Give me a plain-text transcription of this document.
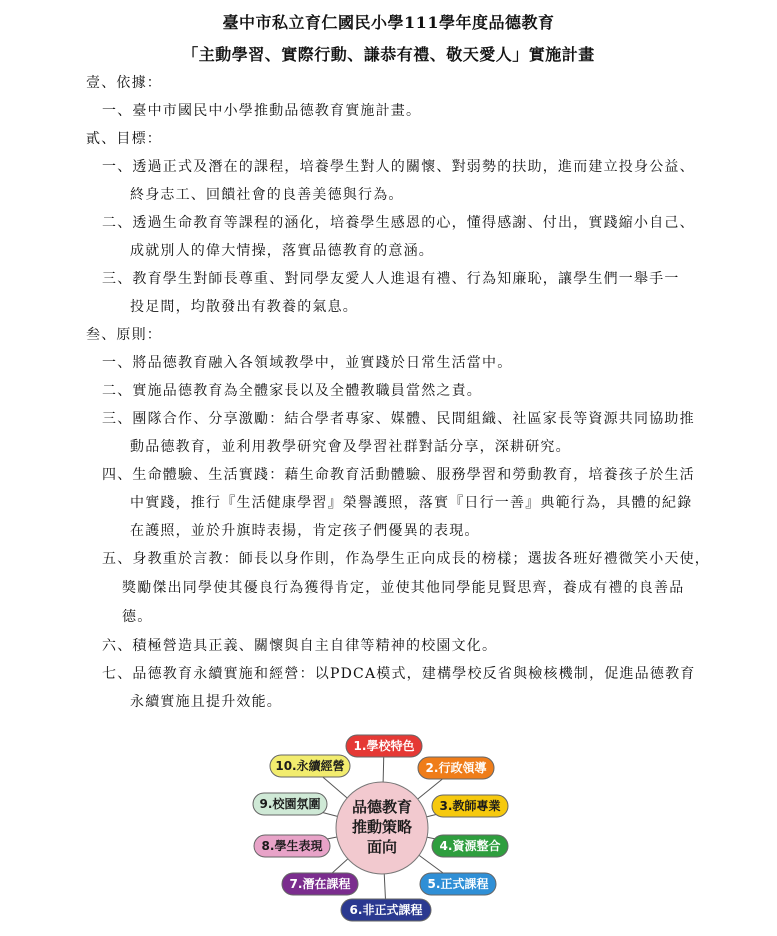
臺中市私立育仁國民小學111學年度品德教育
「主動學習、實際行動、謙恭有禮、敬天愛人」實施計畫
壹、依據：
一、臺中市國民中小學推動品德教育實施計畫。
貳、目標：
一、透過正式及潛在的課程，培養學生對人的關懷、對弱勢的扶助，進而建立投身公益、
終身志工、回饋社會的良善美德與行為。
二、透過生命教育等課程的涵化，培養學生感恩的心，懂得感謝、付出，實踐縮小自己、
成就別人的偉大情操，落實品德教育的意涵。
三、教育學生對師長尊重、對同學友愛人人進退有禮、行為知廉恥，讓學生們一舉手一
投足間，均散發出有教養的氣息。
叁、原則：
一、將品德教育融入各領域教學中，並實踐於日常生活當中。
二、實施品德教育為全體家長以及全體教職員當然之責。
三、團隊合作、分享激勵：結合學者專家、媒體、民間組織、社區家長等資源共同協助推
動品德教育，並利用教學研究會及學習社群對話分享，深耕研究。
四、生命體驗、生活實踐：藉生命教育活動體驗、服務學習和勞動教育，培養孩子於生活
中實踐，推行『生活健康學習』榮譽護照，落實『日行一善』典範行為，具體的紀錄
在護照，並於升旗時表揚，肯定孩子們優異的表現。
五、身教重於言教：師長以身作則，作為學生正向成長的榜樣；選拔各班好禮微笑小天使，
獎勵傑出同學使其優良行為獲得肯定，並使其他同學能見賢思齊，養成有禮的良善品
德。
六、積極營造具正義、關懷與自主自律等精神的校園文化。
七、品德教育永續實施和經營：以PDCA模式，建構學校反省與檢核機制，促進品德教育
永續實施且提升效能。
1.學校特色
2.行政領導
3.教師專業
4.資源整合
5.正式課程
6.非正式課程
7.潛在課程
8.學生表現
9.校園氛圍
10.永續經營
品德教育
推動策略
面向
